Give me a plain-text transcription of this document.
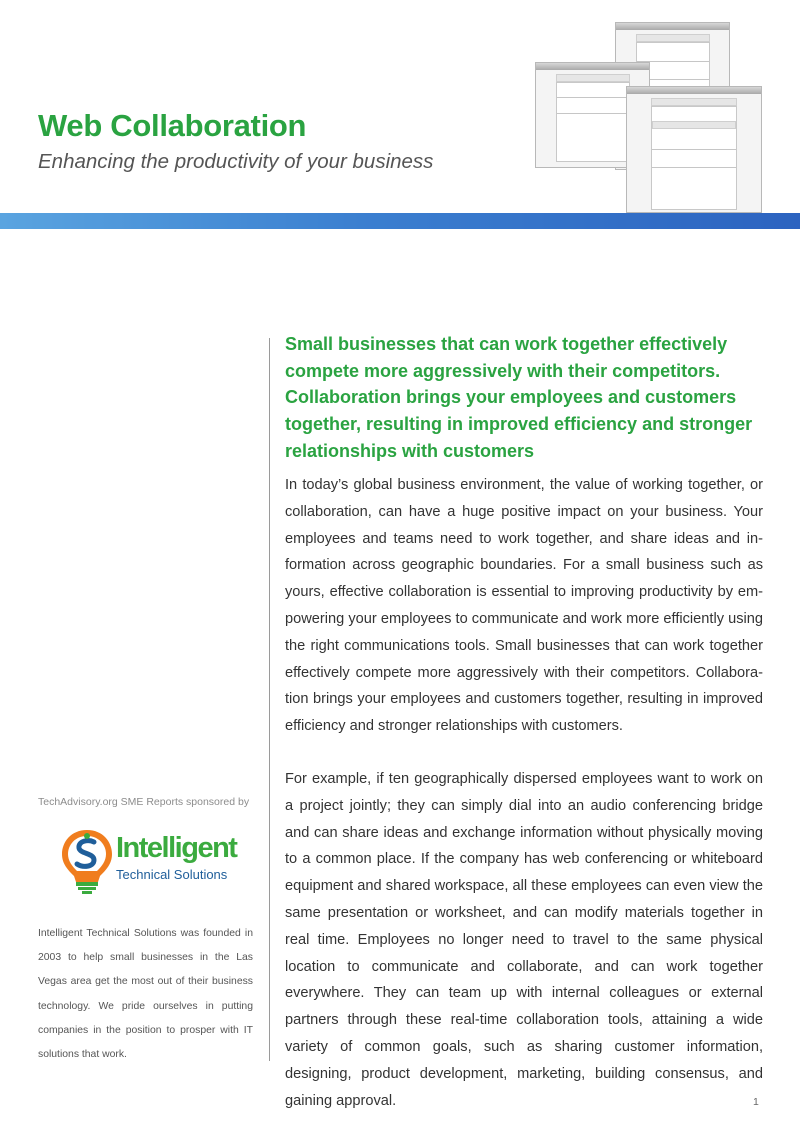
Web Collaboration
Enhancing the productivity of your business
Small businesses that can work together effectively compete more aggressively with their competitors. Collaboration brings your employees and customers together, resulting in improved efficiency and stronger relationships with customers

In today’s global business environment, the value of working together, or collaboration, can have a huge positive impact on your business. Your employees and teams need to work together, and share ideas and information across geographic boundaries. For a small business such as yours, effective collaboration is essential to improving productivity by empowering your employees to communicate and work more efficiently using the right communications tools. Small businesses that can work together effectively compete more aggressively with their competitors. Collaboration brings your employees and customers together, resulting in improved efficiency and stronger relationships with customers.

For example, if ten geographically dispersed employees want to work on a project jointly; they can simply dial into an audio conferencing bridge and can share ideas and exchange information without physically moving to a common place. If the company has web conferencing or whiteboard equipment and shared workspace, all these employees can even view the same presentation or worksheet, and can modify materials together in real time. Employees no longer need to travel to the same physical location to communicate and collaborate, and can work together everywhere. They can team up with internal colleagues or external partners through these real-time collaboration tools, attaining a wide variety of common goals, such as sharing customer information, designing, product development, marketing, building consensus, and gaining approval.

TechAdvisory.org SME Reports sponsored by
Intelligent
Technical Solutions

Intelligent Technical Solutions was founded in 2003 to help small businesses in the Las Vegas area get the most out of their business technology. We pride ourselves in putting companies in the position to prosper with IT solutions that work.

1
